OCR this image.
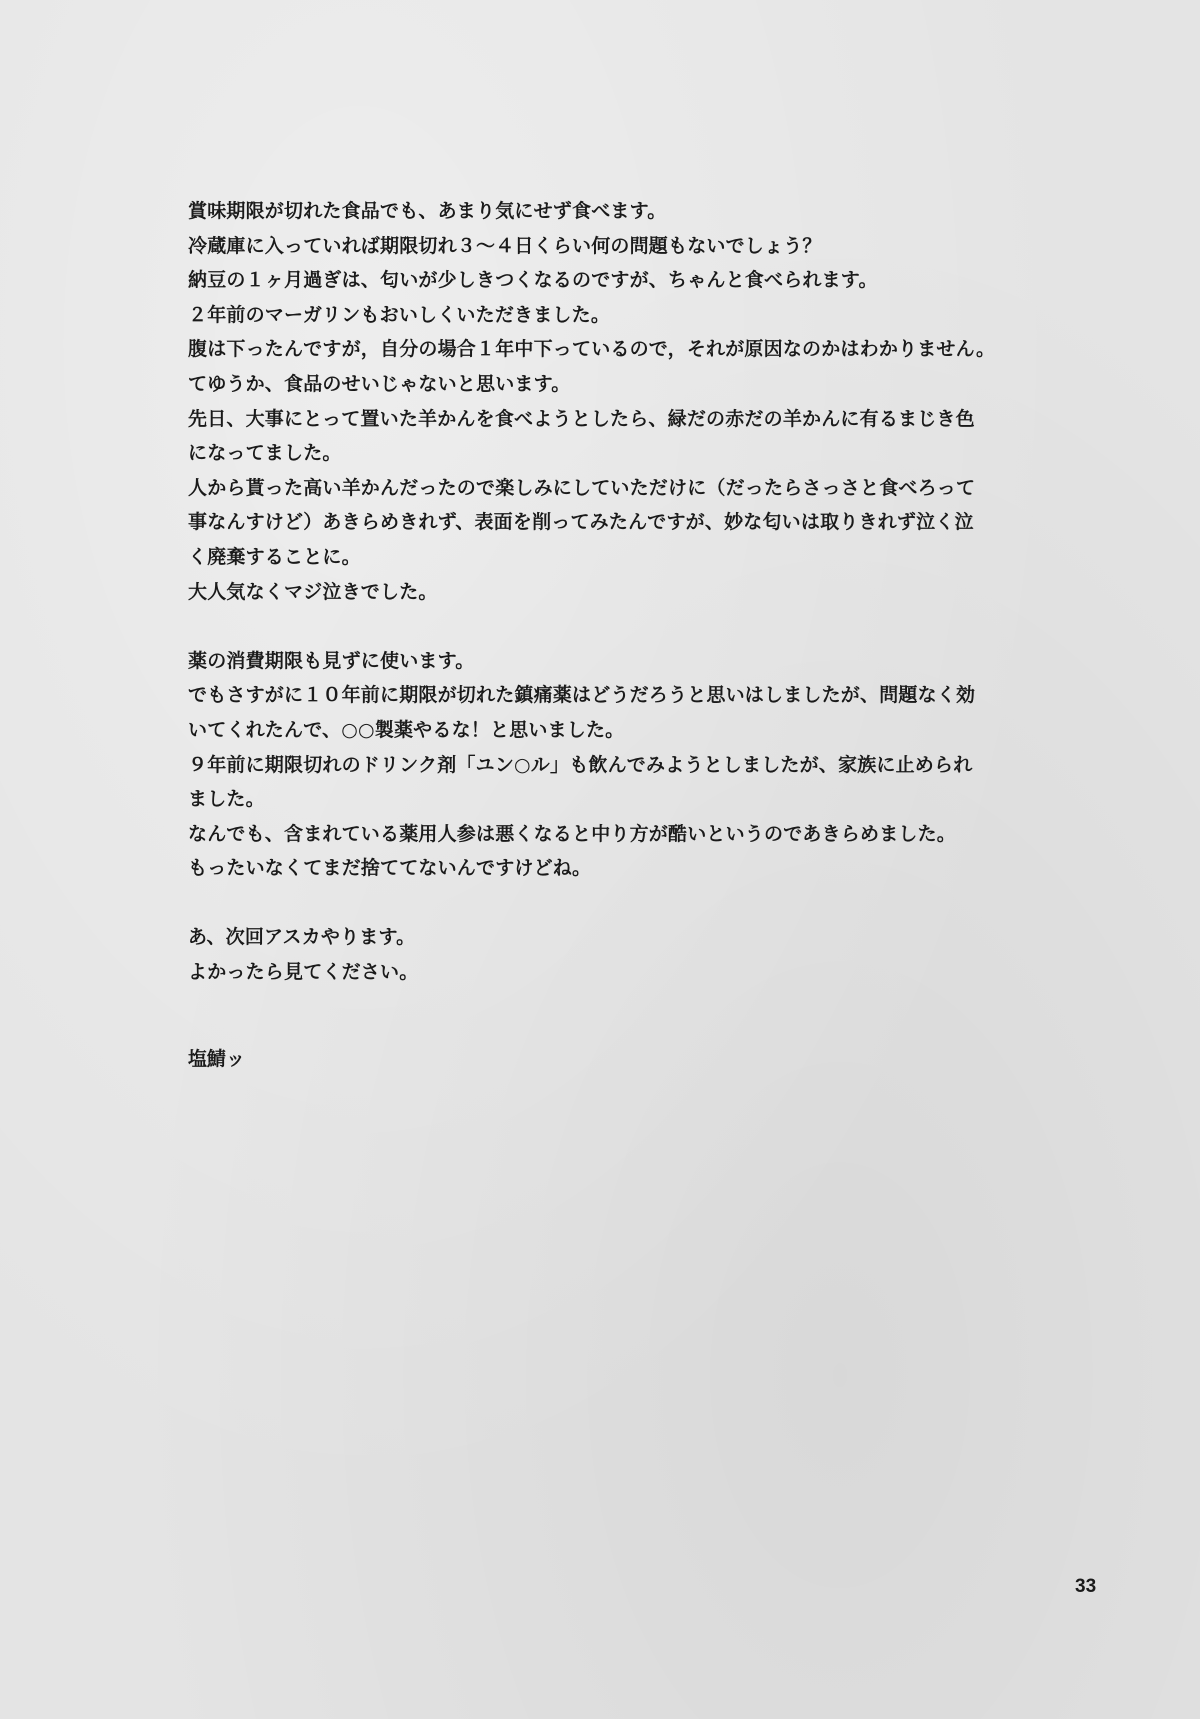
賞味期限が切れた食品でも、あまり気にせず食べます。
冷蔵庫に入っていれば期限切れ３～４日くらい何の問題もないでしょう？
納豆の１ヶ月過ぎは、匂いが少しきつくなるのですが、ちゃんと食べられます。
２年前のマーガリンもおいしくいただきました。
腹は下ったんですが，自分の場合１年中下っているので，それが原因なのかはわかりません。
てゆうか、食品のせいじゃないと思います。
先日、大事にとって置いた羊かんを食べようとしたら、緑だの赤だの羊かんに有るまじき色
になってました。
人から貰った高い羊かんだったので楽しみにしていただけに（だったらさっさと食べろって
事なんすけど）あきらめきれず、表面を削ってみたんですが、妙な匂いは取りきれず泣く泣
く廃棄することに。
大人気なくマジ泣きでした。
薬の消費期限も見ずに使います。
でもさすがに１０年前に期限が切れた鎮痛薬はどうだろうと思いはしましたが、問題なく効
いてくれたんで、○○製薬やるな！と思いました。
９年前に期限切れのドリンク剤「ユン○ル」も飲んでみようとしましたが、家族に止められ
ました。
なんでも、含まれている薬用人参は悪くなると中り方が酷いというのであきらめました。
もったいなくてまだ捨ててないんですけどね。
あ、次回アスカやります。
よかったら見てください。
塩鯖ッ
33
